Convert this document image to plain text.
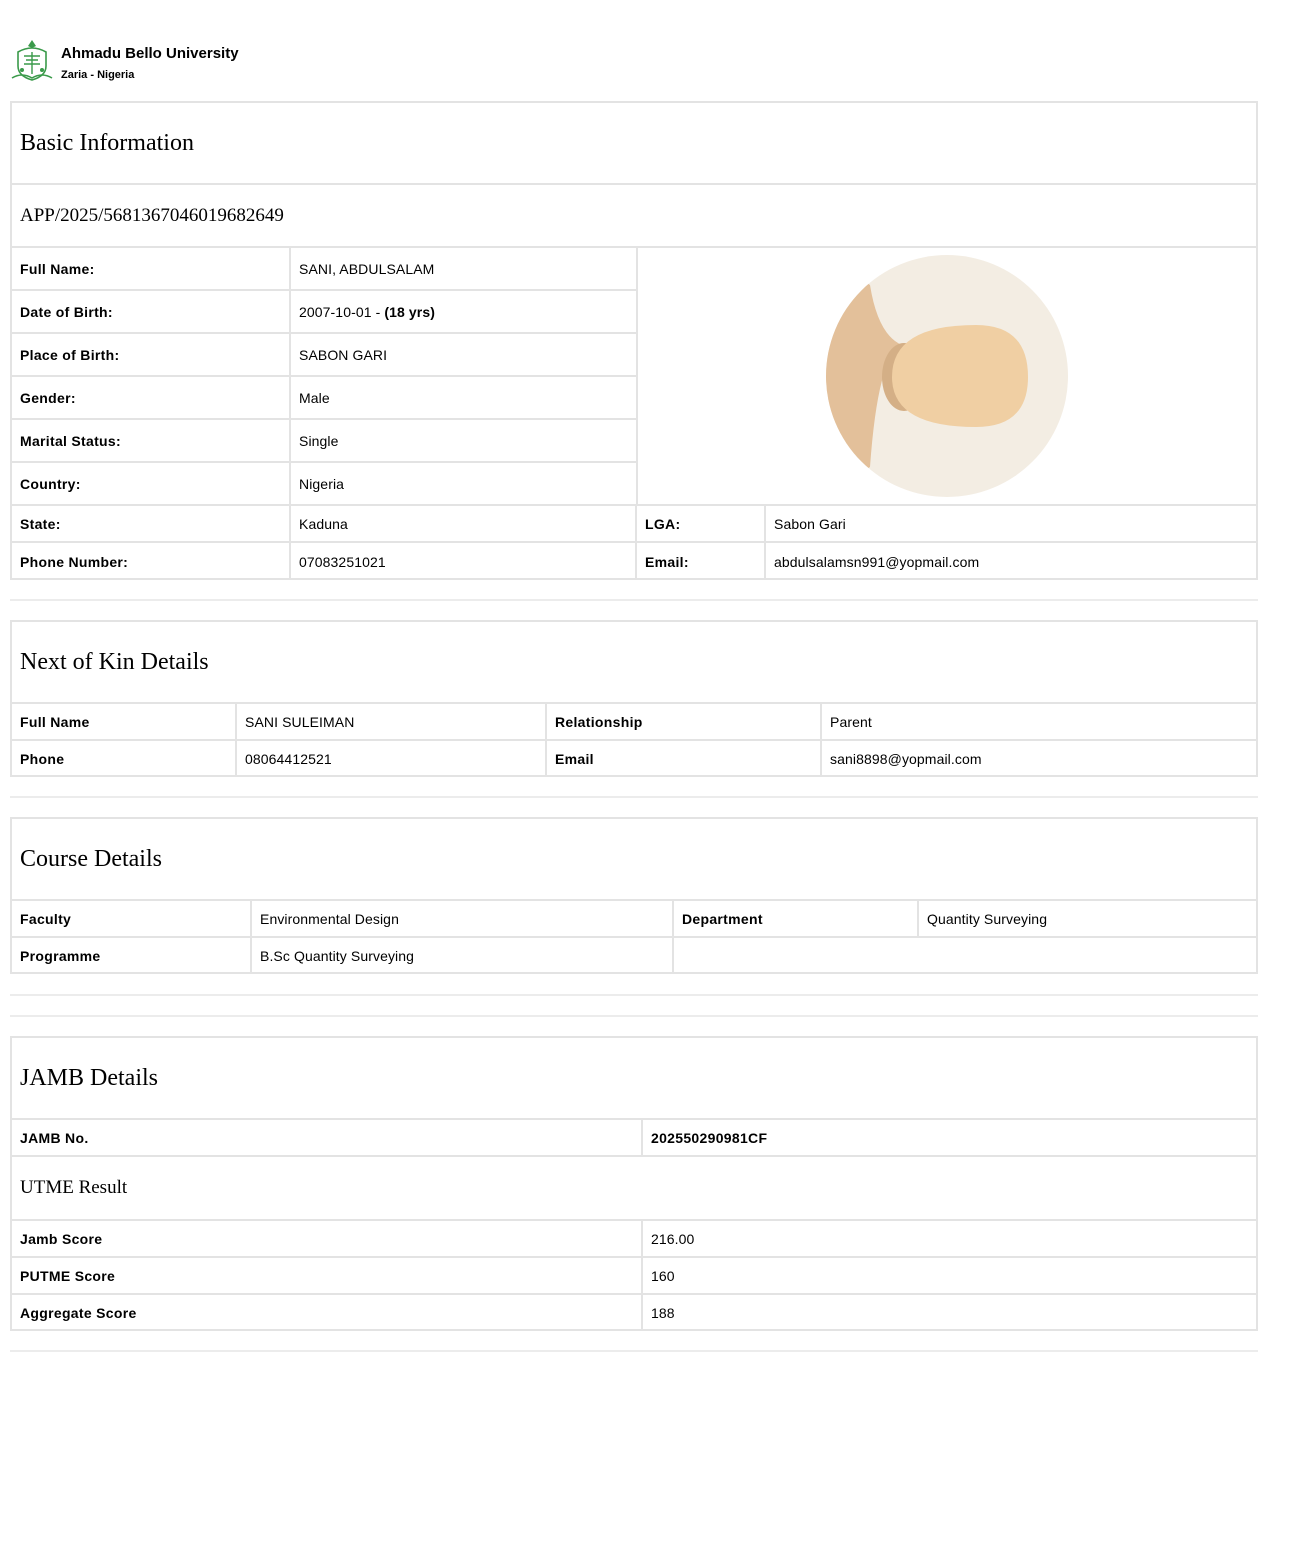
Ahmadu Bello University
Zaria - Nigeria
Basic Information
APP/2025/5681367046019682649
Full Name:	SANI, ABDULSALAM
Date of Birth:	2007-10-01 - (18 yrs)
Place of Birth:	SABON GARI
Gender:	Male
Marital Status:	Single
Country:	Nigeria
State:	Kaduna	LGA:	Sabon Gari
Phone Number:	07083251021	Email:	abdulsalamsn991@yopmail.com
Next of Kin Details
Full Name	SANI SULEIMAN	Relationship	Parent
Phone	08064412521	Email	sani8898@yopmail.com
Course Details
Faculty	Environmental Design	Department	Quantity Surveying
Programme	B.Sc Quantity Surveying
JAMB Details
JAMB No.	202550290981CF
UTME Result
Jamb Score	216.00
PUTME Score	160
Aggregate Score	188
